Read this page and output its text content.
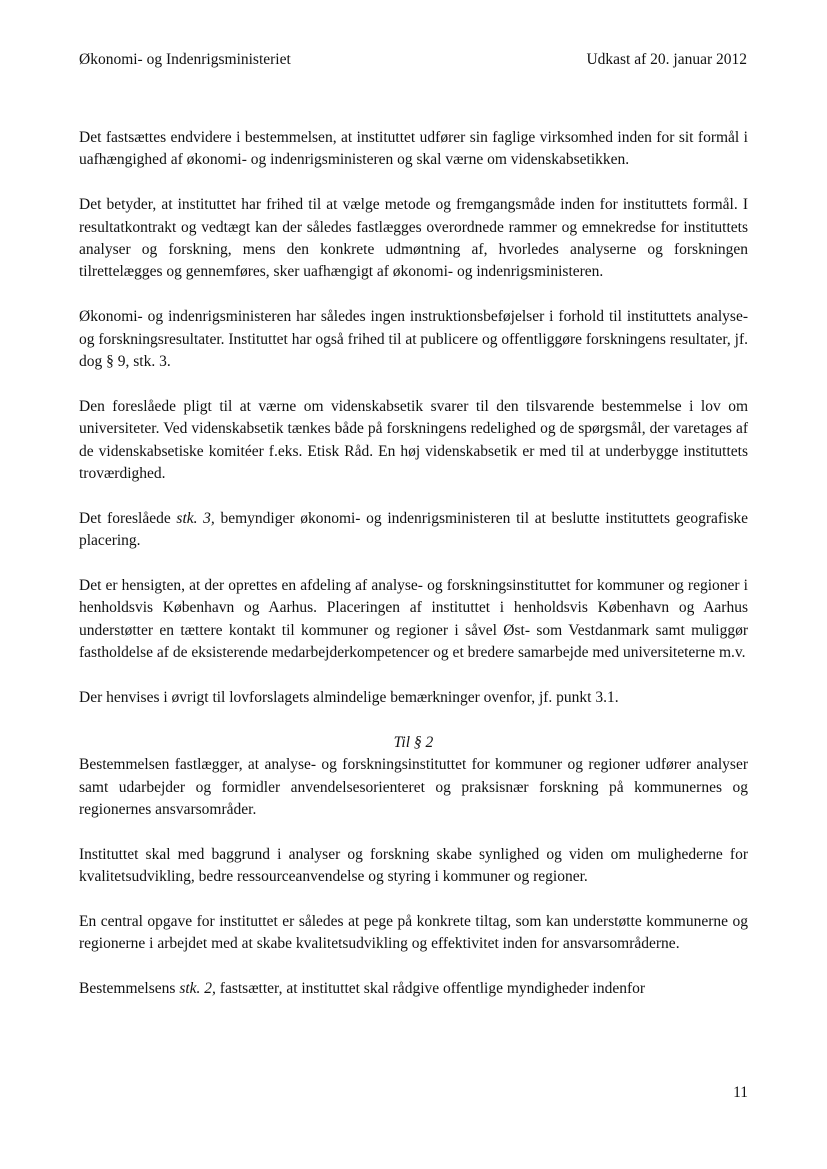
Økonomi- og Indenrigsministeriet	Udkast af 20. januar 2012

Det fastsættes endvidere i bestemmelsen, at instituttet udfører sin faglige virksomhed inden for sit formål i uafhængighed af økonomi- og indenrigsministeren og skal værne om videnskabsetikken.

Det betyder, at instituttet har frihed til at vælge metode og fremgangsmåde inden for instituttets formål. I resultatkontrakt og vedtægt kan der således fastlægges overordnede rammer og emnekredse for instituttets analyser og forskning, mens den konkrete udmøntning af, hvorledes analyserne og forskningen tilrettelægges og gennemføres, sker uafhængigt af økonomi- og indenrigsministeren.

Økonomi- og indenrigsministeren har således ingen instruktionsbeføjelser i forhold til instituttets analyse- og forskningsresultater. Instituttet har også frihed til at publicere og offentliggøre forskningens resultater, jf. dog § 9, stk. 3.

Den foreslåede pligt til at værne om videnskabsetik svarer til den tilsvarende bestemmelse i lov om universiteter. Ved videnskabsetik tænkes både på forskningens redelighed og de spørgsmål, der varetages af de videnskabsetiske komitéer f.eks. Etisk Råd. En høj videnskabsetik er med til at underbygge instituttets troværdighed.

Det foreslåede stk. 3, bemyndiger økonomi- og indenrigsministeren til at beslutte instituttets geografiske placering.

Det er hensigten, at der oprettes en afdeling af analyse- og forskningsinstituttet for kommuner og regioner i henholdsvis København og Aarhus. Placeringen af instituttet i henholdsvis København og Aarhus understøtter en tættere kontakt til kommuner og regioner i såvel Øst- som Vestdanmark samt muliggør fastholdelse af de eksisterende medarbejderkompetencer og et bredere samarbejde med universiteterne m.v.

Der henvises i øvrigt til lovforslagets almindelige bemærkninger ovenfor, jf. punkt 3.1.

Til § 2

Bestemmelsen fastlægger, at analyse- og forskningsinstituttet for kommuner og regioner udfører analyser samt udarbejder og formidler anvendelsesorienteret og praksisnær forskning på kommunernes og regionernes ansvarsområder.

Instituttet skal med baggrund i analyser og forskning skabe synlighed og viden om mulighederne for kvalitetsudvikling, bedre ressourceanvendelse og styring i kommuner og regioner.

En central opgave for instituttet er således at pege på konkrete tiltag, som kan understøtte kommunerne og regionerne i arbejdet med at skabe kvalitetsudvikling og effektivitet inden for ansvarsområderne.

Bestemmelsens stk. 2, fastsætter, at instituttet skal rådgive offentlige myndigheder indenfor

11
